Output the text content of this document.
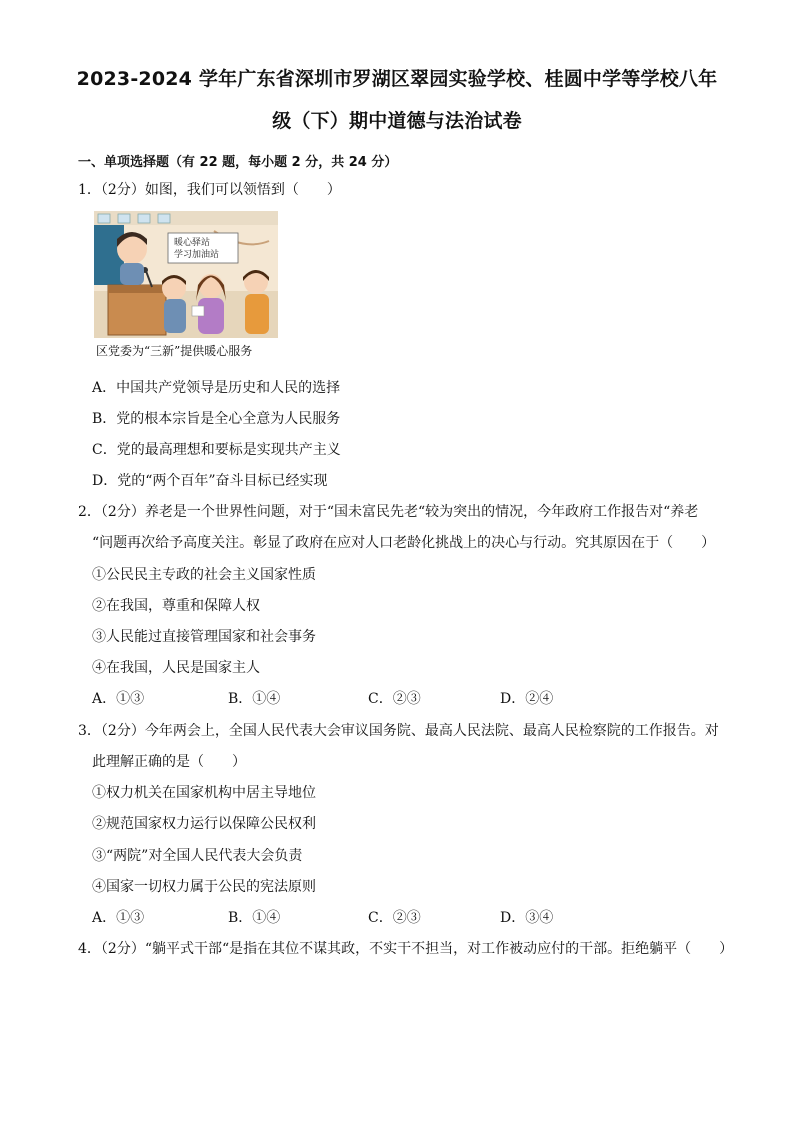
2023-2024 学年广东省深圳市罗湖区翠园实验学校、桂圆中学等学校八年
级（下）期中道德与法治试卷
一、单项选择题（有 22 题，每小题 2 分，共 24 分）
1．（2分）如图，我们可以领悟到（　　）
暖心驿站
学习加油站
区党委为“三新”提供暖心服务
A．中国共产党领导是历史和人民的选择
B．党的根本宗旨是全心全意为人民服务
C．党的最高理想和要标是实现共产主义
D．党的“两个百年”奋斗目标已经实现
2．（2分）养老是一个世界性问题，对于“国未富民先老“较为突出的情况，今年政府工作报告对“养老
“问题再次给予高度关注。彰显了政府在应对人口老龄化挑战上的决心与行动。究其原因在于（　　）
①公民民主专政的社会主义国家性质
②在我国，尊重和保障人权
③人民能过直接管理国家和社会事务
④在我国，人民是国家主人
A．①③	B．①④	C．②③	D．②④
3．（2分）今年两会上，全国人民代表大会审议国务院、最高人民法院、最高人民检察院的工作报告。对
此理解正确的是（　　）
①权力机关在国家机构中居主导地位
②规范国家权力运行以保障公民权利
③“两院”对全国人民代表大会负责
④国家一切权力属于公民的宪法原则
A．①③	B．①④	C．②③	D．③④
4．（2分）“躺平式干部“是指在其位不谋其政，不实干不担当，对工作被动应付的干部。拒绝躺平（　　）
